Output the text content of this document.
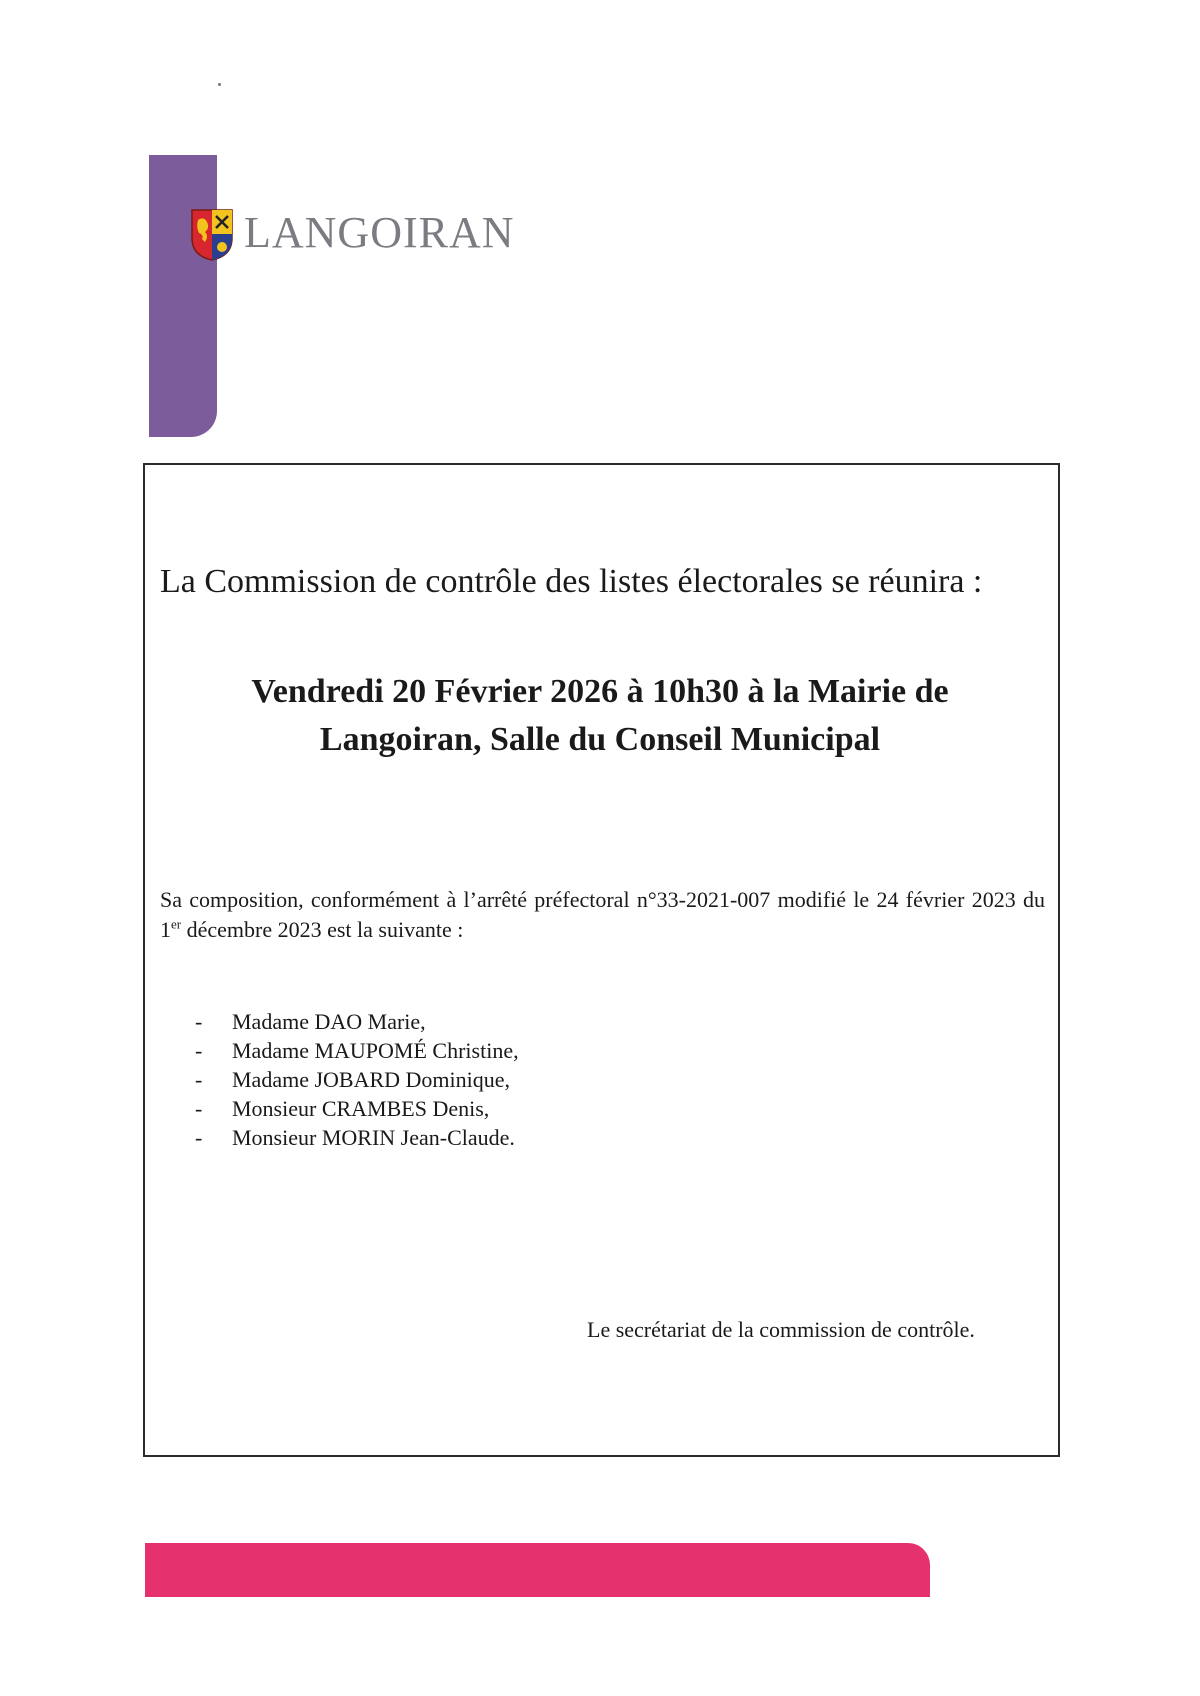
LANGOIRAN
La Commission de contrôle des listes électorales se réunira :
Vendredi 20 Février 2026 à 10h30 à la Mairie de
Langoiran, Salle du Conseil Municipal
Sa composition, conformément à l’arrêté préfectoral n°33-2021-007 modifié le 24 février 2023 du 1er décembre 2023 est la suivante :
- Madame DAO Marie,
- Madame MAUPOMÉ Christine,
- Madame JOBARD Dominique,
- Monsieur CRAMBES Denis,
- Monsieur MORIN Jean-Claude.
Le secrétariat de la commission de contrôle.
